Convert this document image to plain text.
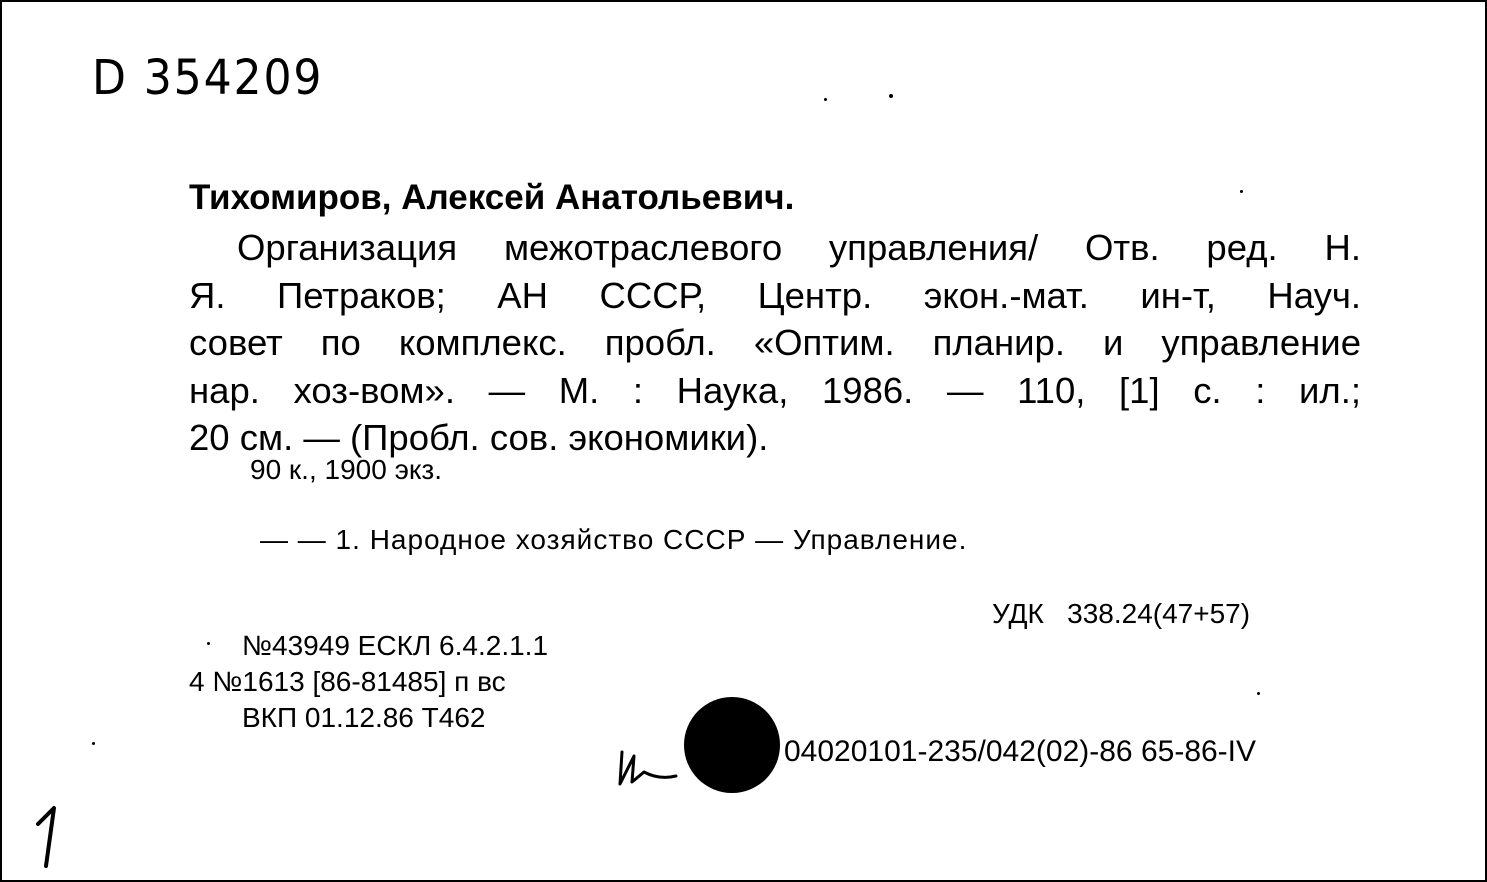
D 354209
Тихомиров, Алексей Анатольевич.
Организация межотраслевого управления/ Отв. ред. Н.
Я. Петраков; АН СССР, Центр. экон.-мат. ин-т, Науч.
совет по комплекс. пробл. «Оптим. планир. и управление
нар. хоз-вом». — М. : Наука, 1986. — 110, [1] с. : ил.;
20 см. — (Пробл. сов. экономики).
90 к., 1900 экз.
— — 1. Народное хозяйство СССР — Управление.
УДК   338.24(47+57)
№43949 ЕСКЛ 6.4.2.1.1
4 №1613 [86-81485] п вс
ВКП 01.12.86 Т462
04020101-235/042(02)-86 65-86-IV
